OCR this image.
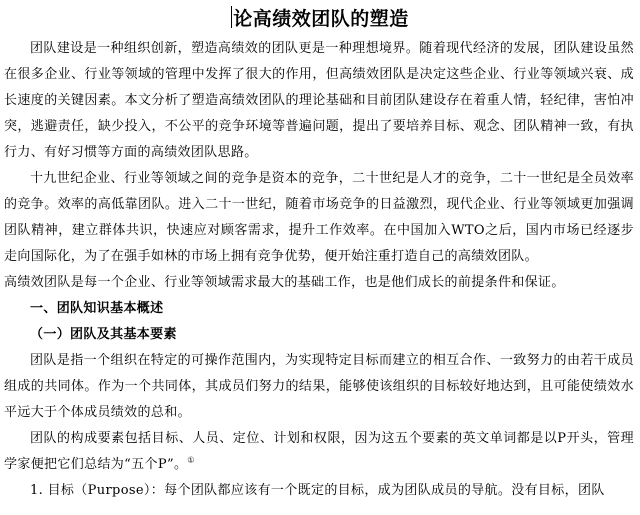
论高绩效团队的塑造

团队建设是一种组织创新，塑造高绩效的团队更是一种理想境界。随着现代经济的发展，团队建设虽然在很多企业、行业等领域的管理中发挥了很大的作用，但高绩效团队是决定这些企业、行业等领域兴衰、成长速度的关键因素。本文分析了塑造高绩效团队的理论基础和目前团队建设存在着重人情，轻纪律，害怕冲突，逃避责任，缺少投入，不公平的竞争环境等普遍问题，提出了要培养目标、观念、团队精神一致，有执行力、有好习惯等方面的高绩效团队思路。

十九世纪企业、行业等领域之间的竞争是资本的竞争，二十世纪是人才的竞争，二十一世纪是全员效率的竞争。效率的高低靠团队。进入二十一世纪，随着市场竞争的日益激烈，现代企业、行业等领域更加强调团队精神，建立群体共识，快速应对顾客需求，提升工作效率。在中国加入WTO之后，国内市场已经逐步走向国际化，为了在强手如林的市场上拥有竞争优势，便开始注重打造自己的高绩效团队。

高绩效团队是每一个企业、行业等领域需求最大的基础工作，也是他们成长的前提条件和保证。

一、团队知识基本概述

（一）团队及其基本要素

团队是指一个组织在特定的可操作范围内，为实现特定目标而建立的相互合作、一致努力的由若干成员组成的共同体。作为一个共同体，其成员们努力的结果，能够使该组织的目标较好地达到，且可能使绩效水平远大于个体成员绩效的总和。

团队的构成要素包括目标、人员、定位、计划和权限，因为这五个要素的英文单词都是以P开头，管理学家便把它们总结为“五个P”。①

1. 目标（Purpose）：每个团队都应该有一个既定的目标，成为团队成员的导航。没有目标，团队
